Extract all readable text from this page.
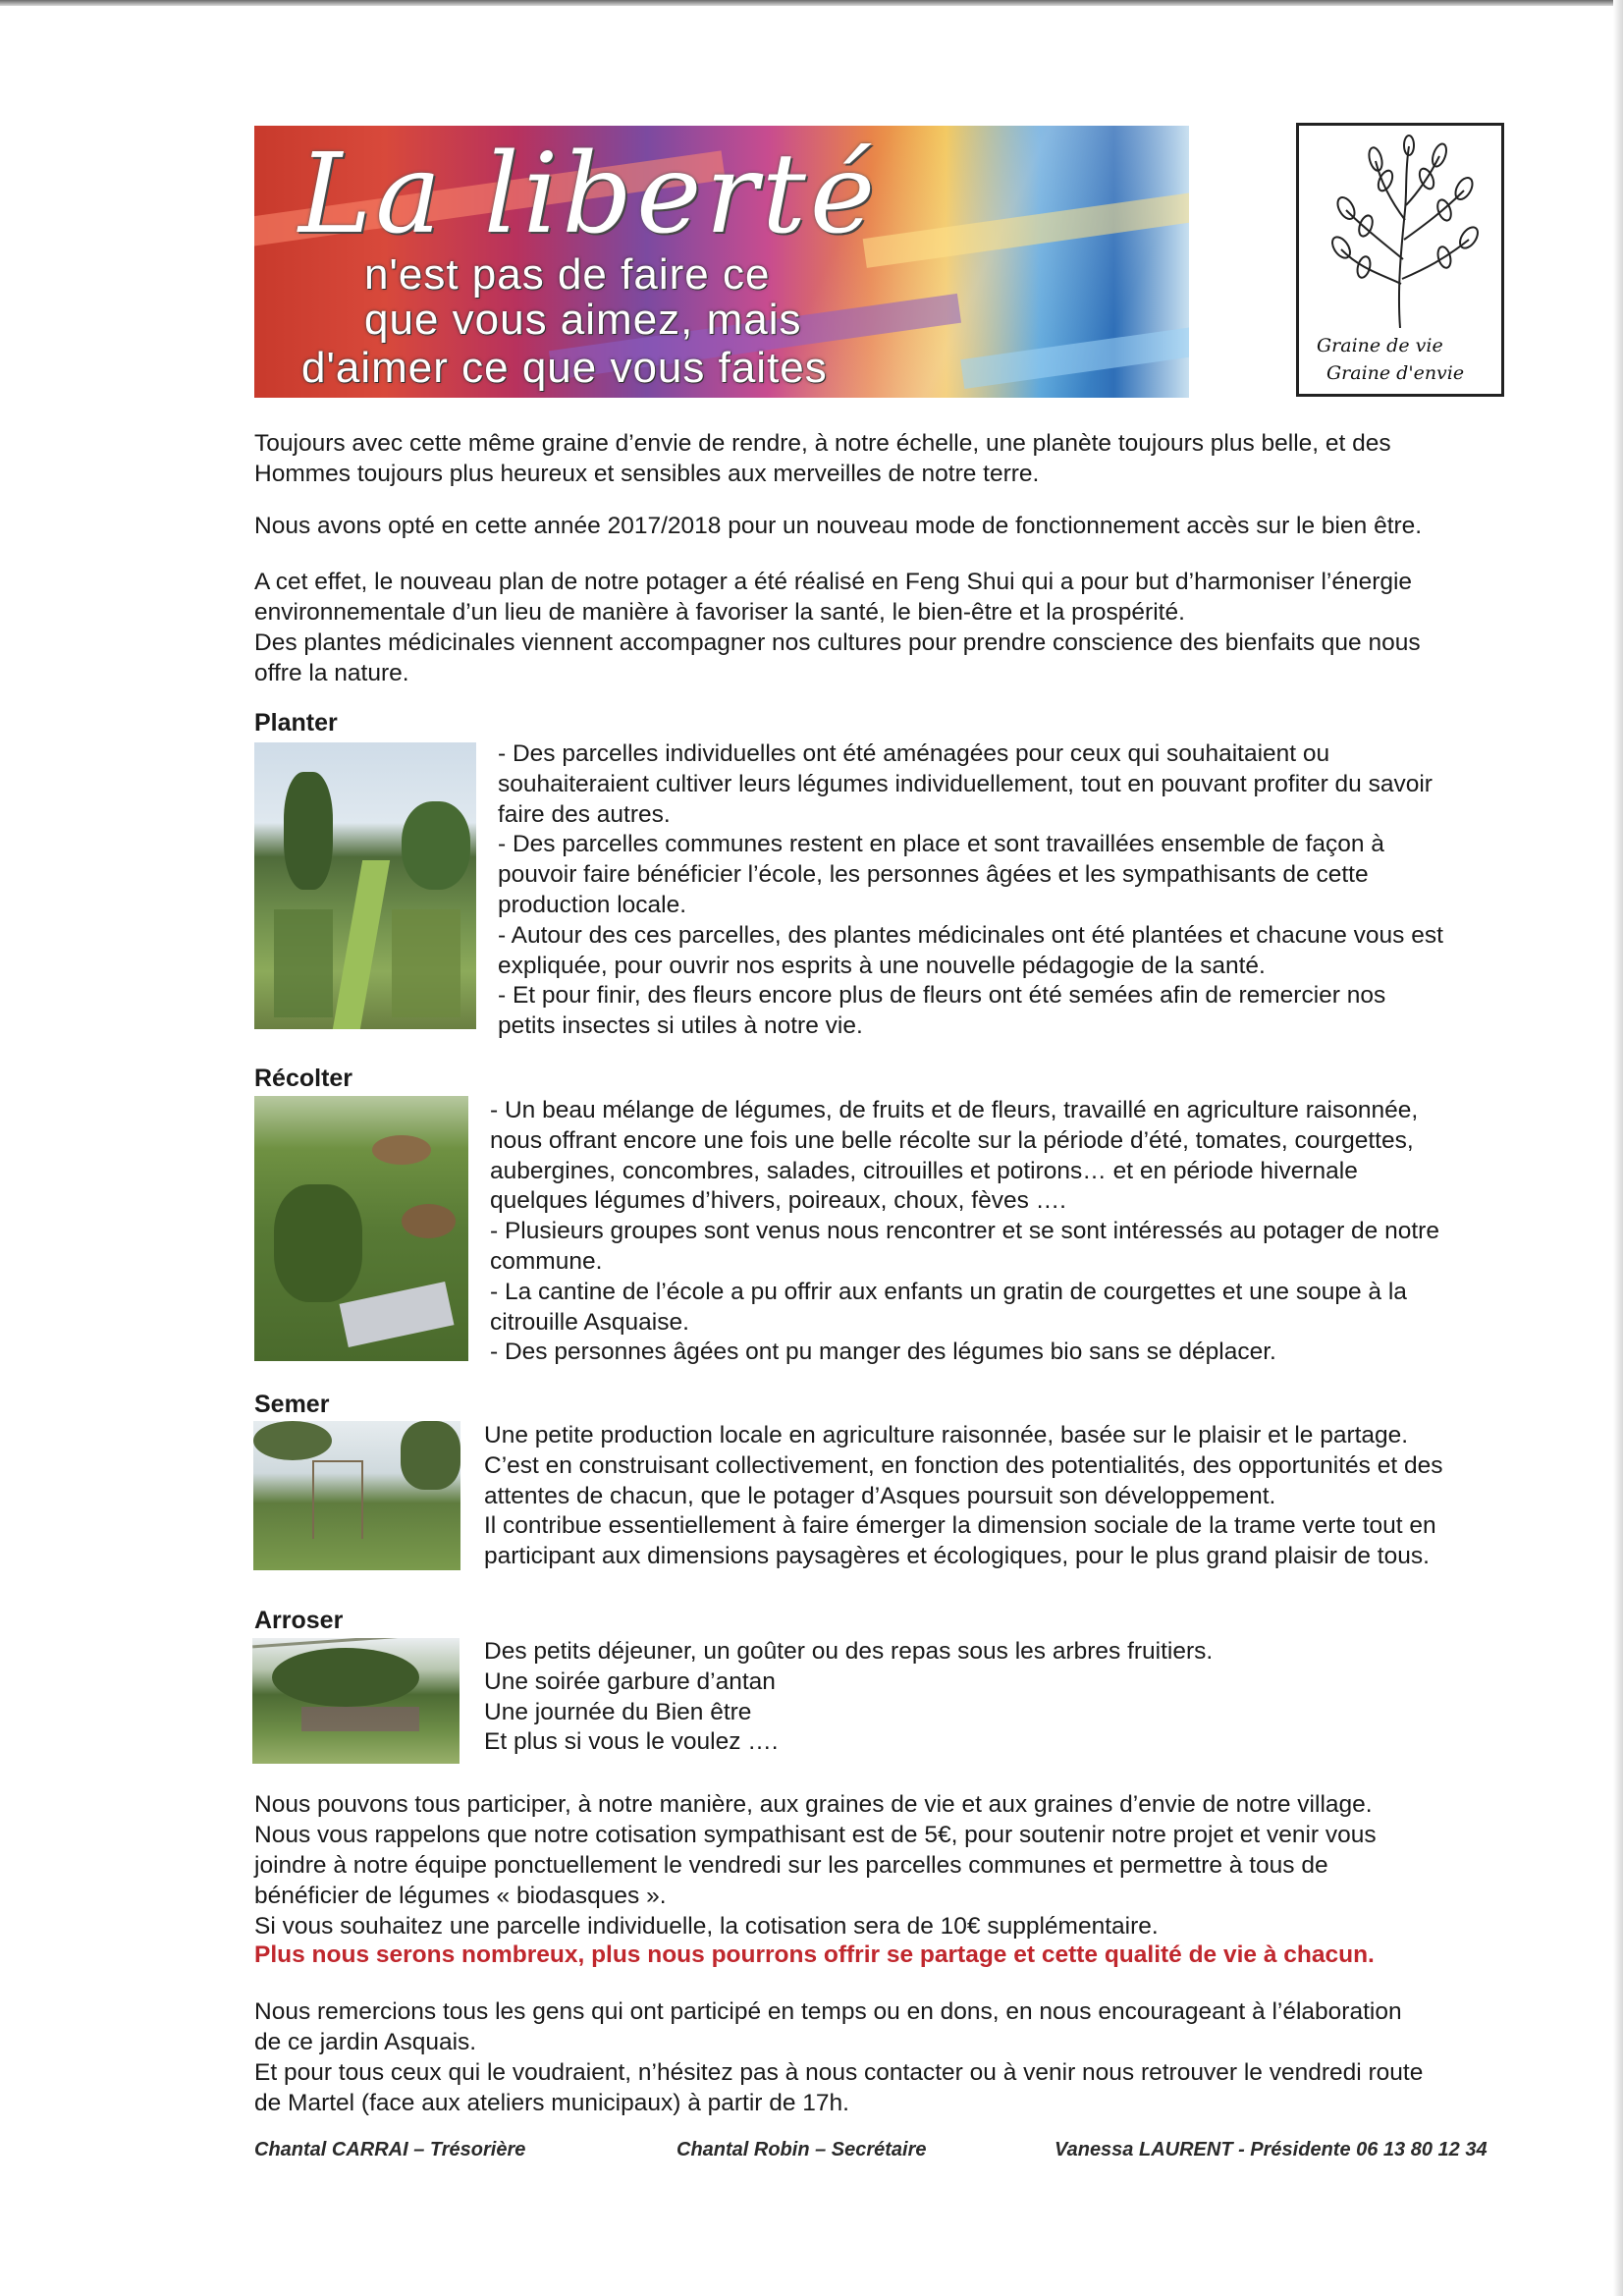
La liberté
n'est pas de faire ce
que vous aimez, mais
d'aimer ce que vous faites	Graine de vie
Graine d'envie

Toujours avec cette même graine d’envie de rendre, à notre échelle, une planète toujours plus belle, et des
Hommes toujours plus heureux et sensibles aux merveilles de notre terre.

Nous avons opté en cette année 2017/2018 pour un nouveau mode de fonctionnement accès sur le bien être.

A cet effet, le nouveau plan de notre potager a été réalisé en Feng Shui qui a pour but d’harmoniser l’énergie
environnementale d’un lieu de manière à favoriser la santé, le bien-être et la prospérité.
Des plantes médicinales viennent accompagner nos cultures pour prendre conscience des bienfaits que nous
offre la nature.

Planter

- Des parcelles individuelles ont été aménagées pour ceux qui souhaitaient ou
souhaiteraient cultiver leurs légumes individuellement, tout en pouvant profiter du savoir
faire des autres.
- Des parcelles communes restent en place et sont travaillées ensemble de façon à
pouvoir faire bénéficier l’école, les personnes âgées et les sympathisants de cette
production locale.
- Autour des ces parcelles, des plantes médicinales ont été plantées et chacune vous est
expliquée, pour ouvrir nos esprits à une nouvelle pédagogie de la santé.
- Et pour finir, des fleurs encore plus de fleurs ont été semées afin de remercier nos
petits insectes si utiles à notre vie.

Récolter

- Un beau mélange de légumes, de fruits et de fleurs, travaillé en agriculture raisonnée,
nous offrant encore une fois une belle récolte sur la période d’été, tomates, courgettes,
aubergines, concombres, salades, citrouilles et potirons… et en période hivernale
quelques légumes d’hivers, poireaux, choux, fèves ….
- Plusieurs groupes sont venus nous rencontrer et se sont intéressés au potager de notre
commune.
- La cantine de l’école a pu offrir aux enfants un gratin de courgettes et une soupe à la
citrouille Asquaise.
- Des personnes âgées ont pu manger des légumes bio sans se déplacer.

Semer

Une petite production locale en agriculture raisonnée, basée sur le plaisir et le partage.
C’est en construisant collectivement, en fonction des potentialités, des opportunités et des
attentes de chacun, que le potager d’Asques poursuit son développement.
Il contribue essentiellement à faire émerger la dimension sociale de la trame verte tout en
participant aux dimensions paysagères et écologiques, pour le plus grand plaisir de tous.

Arroser

Des petits déjeuner, un goûter ou des repas sous les arbres fruitiers.
Une soirée garbure d’antan
Une journée du Bien être
Et plus si vous le voulez ….

Nous pouvons tous participer, à notre manière, aux graines de vie et aux graines d’envie de notre village.
Nous vous rappelons que notre cotisation sympathisant est de 5€, pour soutenir notre projet et venir vous
joindre à notre équipe ponctuellement le vendredi sur les parcelles communes et permettre à tous de
bénéficier de légumes « biodasques ».
Si vous souhaitez une parcelle individuelle, la cotisation sera de 10€ supplémentaire.

Plus nous serons nombreux, plus nous pourrons offrir se partage et cette qualité de vie à chacun.

Nous remercions tous les gens qui ont participé en temps ou en dons, en nous encourageant à l’élaboration
de ce jardin Asquais.
Et pour tous ceux qui le voudraient, n’hésitez pas à nous contacter ou à venir nous retrouver le vendredi route
de Martel (face aux ateliers municipaux) à partir de 17h.

Chantal CARRAI – Trésorière	Chantal Robin – Secrétaire	Vanessa LAURENT - Présidente 06 13 80 12 34
